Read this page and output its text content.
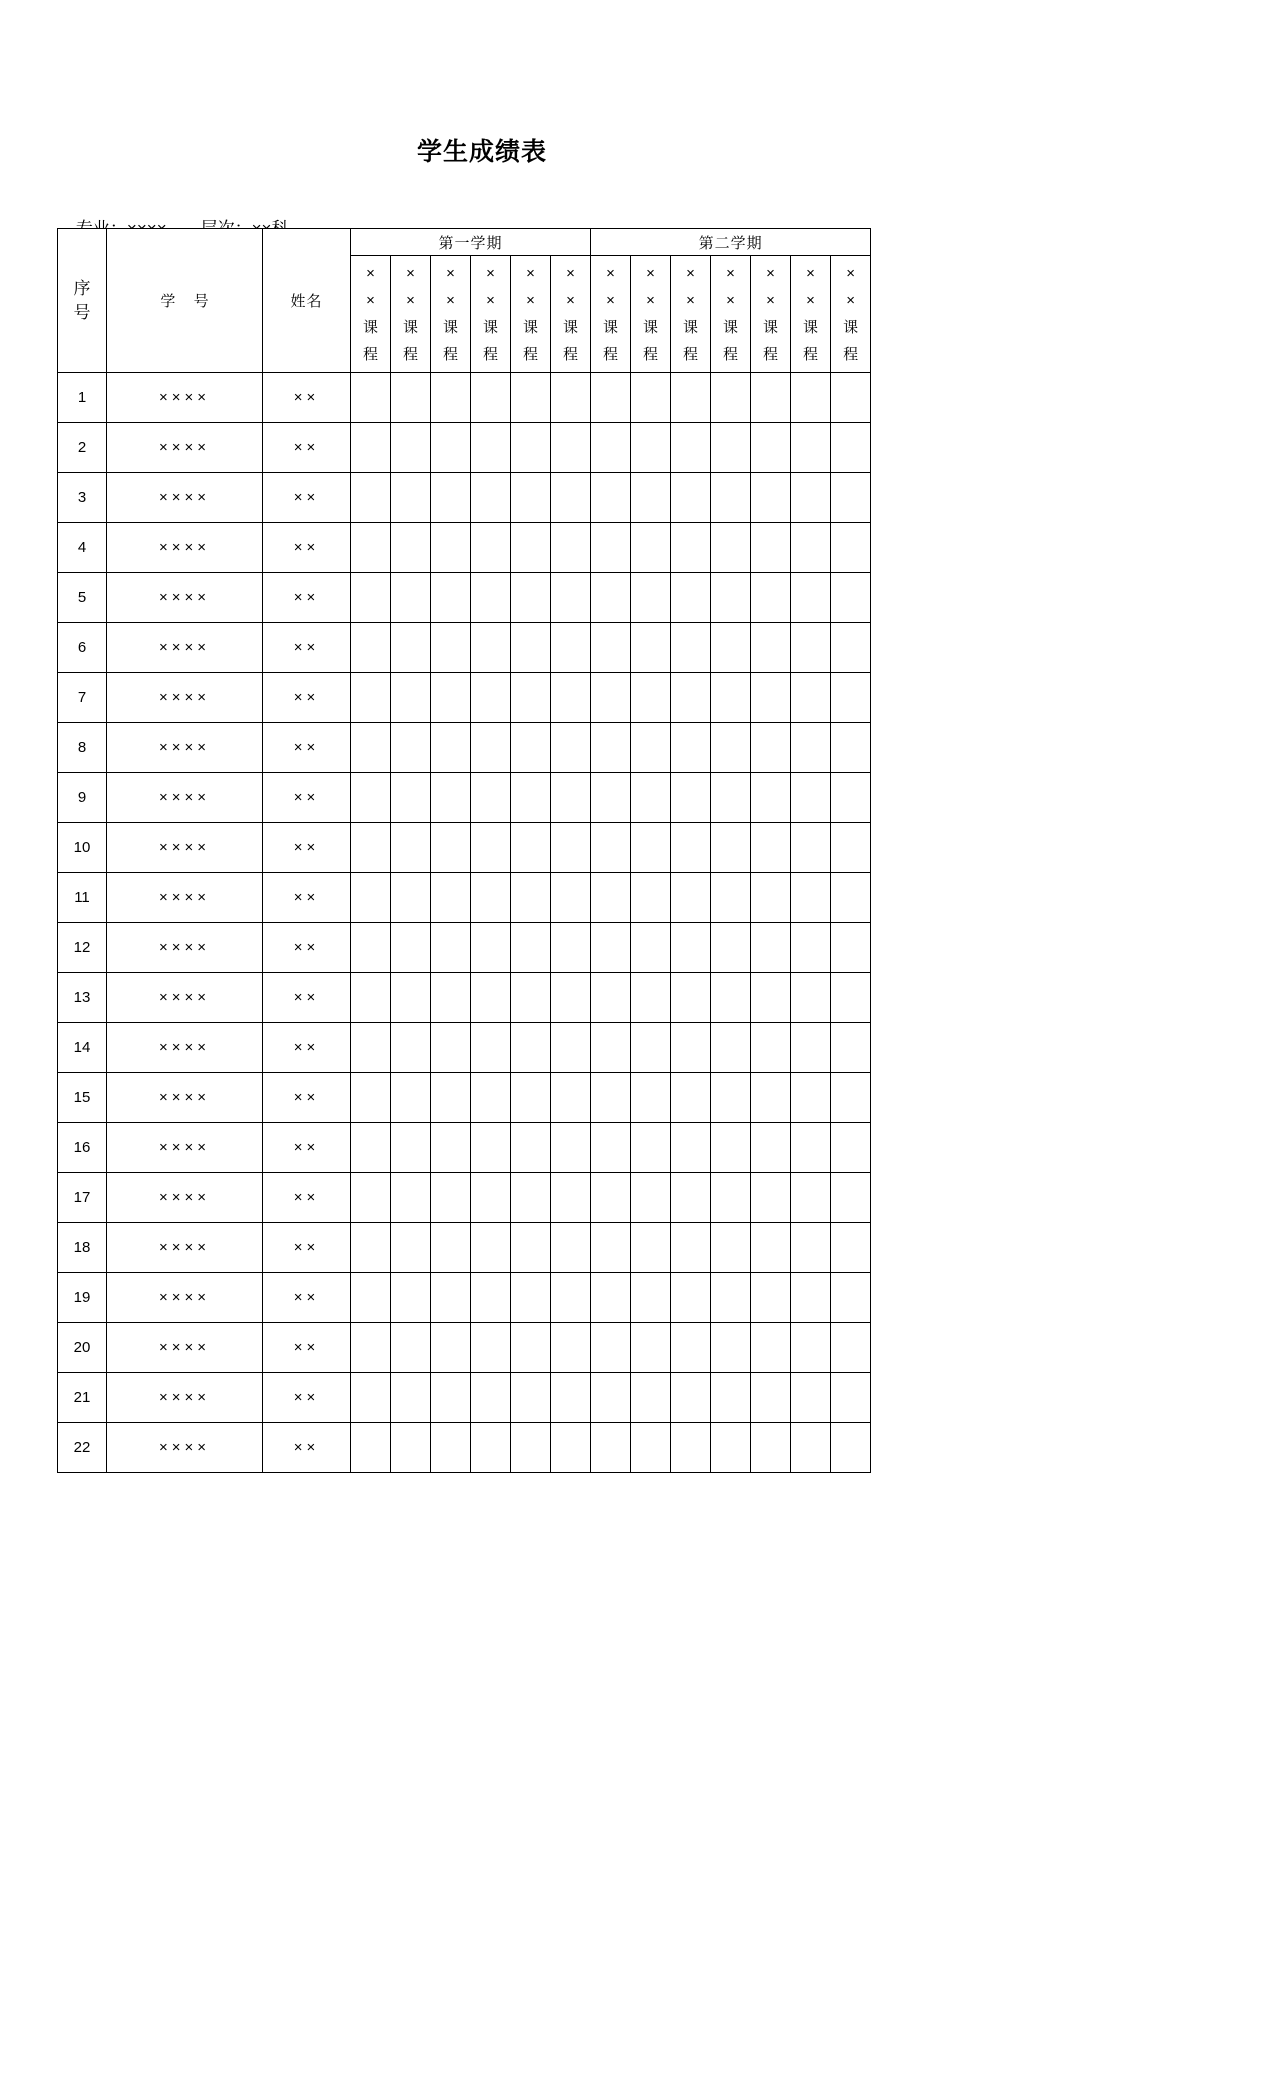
学生成绩表

序
号	学 号	姓名	第一学期						第二学期						

			×
×
课
程	×
×
课
程	×
×
课
程	×
×
课
程	×
×
课
程	×
×
课
程	×
×
课
程	×
×
课
程	×
×
课
程	×
×
课
程	×
×
课
程	×
×
课
程	×
×
课
程

1	××××	××													
2	××××	××													
3	××××	××													
4	××××	××													
5	××××	××													
6	××××	××													
7	××××	××													
8	××××	××													
9	××××	××													
10	××××	××													
11	××××	××													
12	××××	××													
13	××××	××													
14	××××	××													
15	××××	××													
16	××××	××													
17	××××	××													
18	××××	××													
19	××××	××													
20	××××	××													
21	××××	××													
22	××××	××													
